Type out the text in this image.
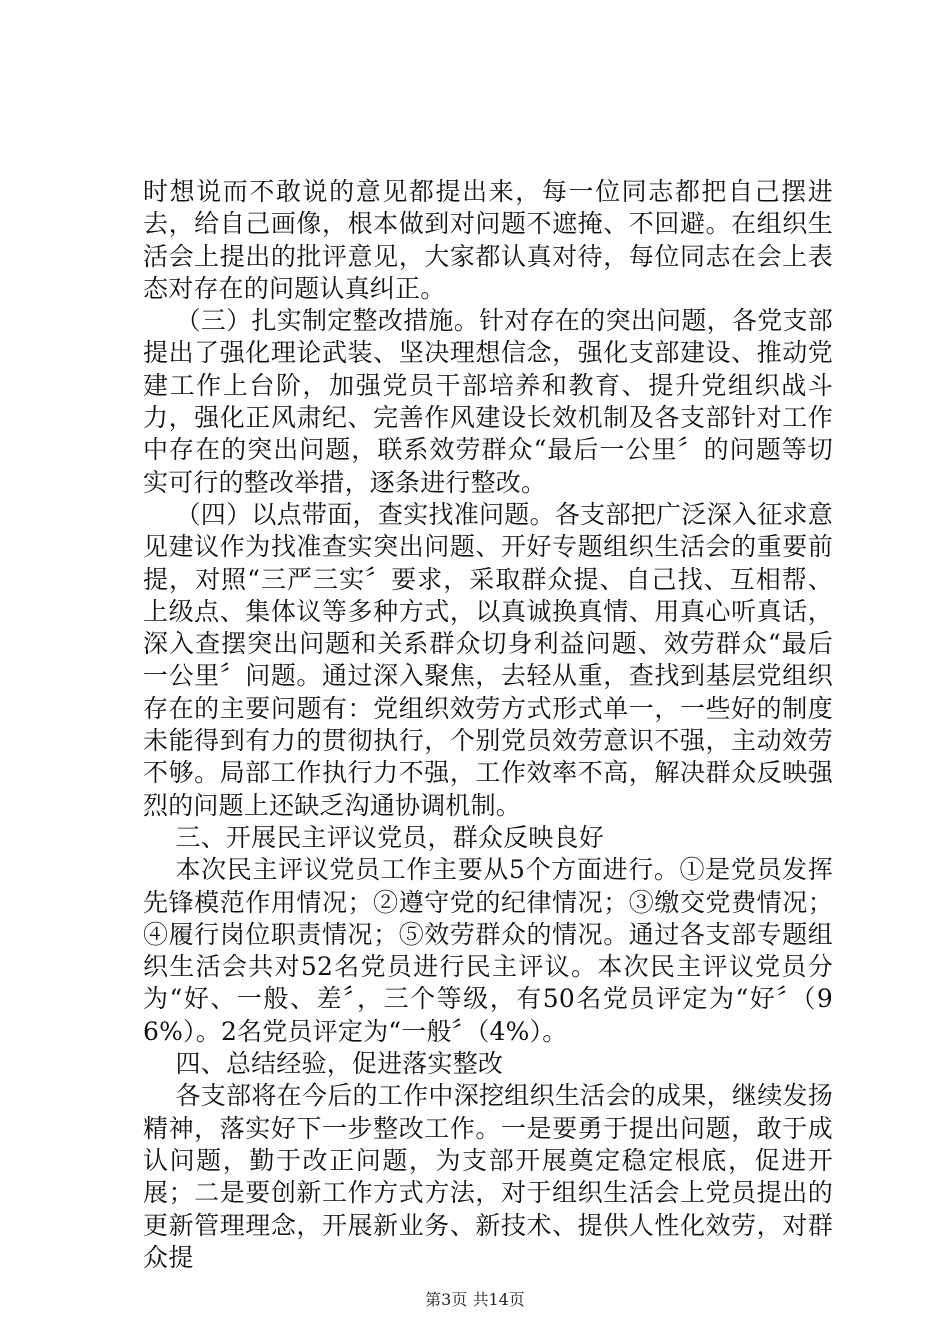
时想说而不敢说的意见都提出来，每一位同志都把自己摆进去，给自己画像，根本做到对问题不遮掩、不回避。在组织生活会上提出的批评意见，大家都认真对待，每位同志在会上表态对存在的问题认真纠正。

（三）扎实制定整改措施。针对存在的突出问题，各党支部提出了强化理论武装、坚决理想信念，强化支部建设、推动党建工作上台阶，加强党员干部培养和教育、提升党组织战斗力，强化正风肃纪、完善作风建设长效机制及各支部针对工作中存在的突出问题，联系效劳群众“最后一公里〞的问题等切实可行的整改举措，逐条进行整改。

（四）以点带面，查实找准问题。各支部把广泛深入征求意见建议作为找准查实突出问题、开好专题组织生活会的重要前提，对照“三严三实〞要求，采取群众提、自己找、互相帮、上级点、集体议等多种方式，以真诚换真情、用真心听真话，深入查摆突出问题和关系群众切身利益问题、效劳群众“最后一公里〞问题。通过深入聚焦，去轻从重，查找到基层党组织存在的主要问题有：党组织效劳方式形式单一，一些好的制度未能得到有力的贯彻执行，个别党员效劳意识不强，主动效劳不够。局部工作执行力不强，工作效率不高，解决群众反映强烈的问题上还缺乏沟通协调机制。

三、开展民主评议党员，群众反映良好

本次民主评议党员工作主要从5个方面进行。①是党员发挥先锋模范作用情况；②遵守党的纪律情况；③缴交党费情况；④履行岗位职责情况；⑤效劳群众的情况。通过各支部专题组织生活会共对52名党员进行民主评议。本次民主评议党员分为“好、一般、差〞，三个等级，有50名党员评定为“好〞（96%）。2名党员评定为“一般〞（4%）。

四、总结经验，促进落实整改

各支部将在今后的工作中深挖组织生活会的成果，继续发扬精神，落实好下一步整改工作。一是要勇于提出问题，敢于成认问题，勤于改正问题，为支部开展奠定稳定根底，促进开展；二是要创新工作方式方法，对于组织生活会上党员提出的更新管理理念，开展新业务、新技术、提供人性化效劳，对群众提

第3页 共14页
